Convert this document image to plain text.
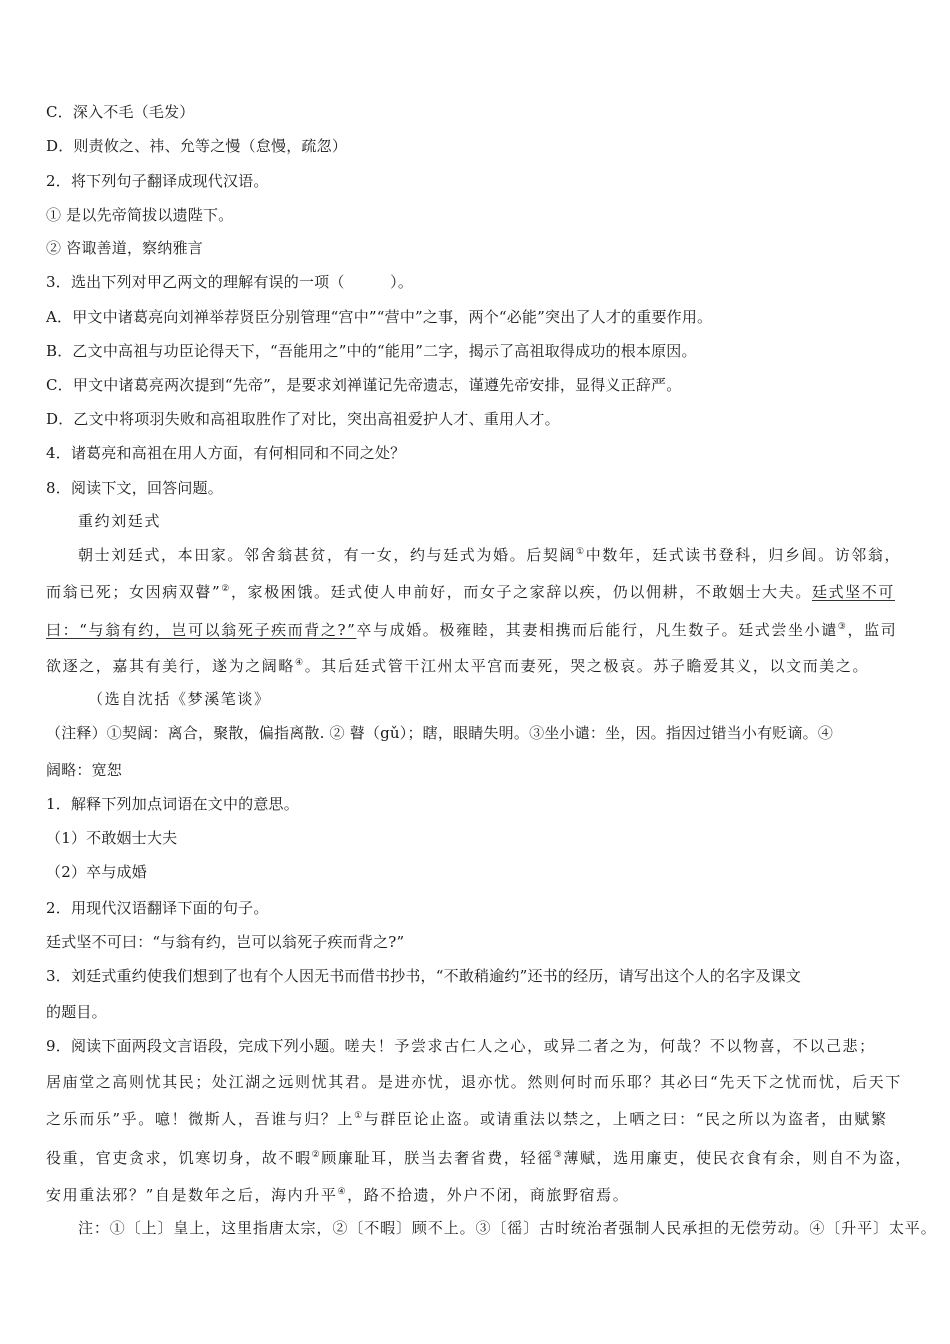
C．深入不毛（毛发）
D．则责攸之、祎、允等之慢（怠慢，疏忽）
2．将下列句子翻译成现代汉语。
① 是以先帝简拔以遗陛下。
② 咨诹善道，察纳雅言
3．选出下列对甲乙两文的理解有误的一项（　　　）。
A．甲文中诸葛亮向刘禅举荐贤臣分别管理“宫中”“营中”之事，两个“必能”突出了人才的重要作用。
B．乙文中高祖与功臣论得天下，“吾能用之”中的“能用”二字，揭示了高祖取得成功的根本原因。
C．甲文中诸葛亮两次提到“先帝”，是要求刘禅谨记先帝遗志，谨遵先帝安排，显得义正辞严。
D．乙文中将项羽失败和高祖取胜作了对比，突出高祖爱护人才、重用人才。
4．诸葛亮和高祖在用人方面，有何相同和不同之处？
8．阅读下文，回答问题。
重约刘廷式
朝士刘廷式，本田家。邻舍翁甚贫，有一女，约与廷式为婚。后契阔①中数年，廷式读书登科，归乡闾。访邻翁，
而翁已死；女因病双瞽”②，家极困饿。廷式使人申前好，而女子之家辞以疾，仍以佣耕，不敢姻士大夫。廷式坚不可
曰：“与翁有约，岂可以翁死子疾而背之?”卒与成婚。极雍睦，其妻相携而后能行，凡生数子。廷式尝坐小谴③，监司
欲逐之，嘉其有美行，遂为之阔略④。其后廷式管干江州太平宫而妻死，哭之极哀。苏子瞻爱其义，以文而美之。
（选自沈括《梦溪笔谈》
（注释）①契阔：离合，聚散，偏指离散. ② 瞽（gǔ）；瞎，眼睛失明。③坐小谴：坐，因。指因过错当小有贬谪。④
阔略：宽恕
1．解释下列加点词语在文中的意思。
（1）不敢姻士大夫
（2）卒与成婚
2．用现代汉语翻译下面的句子。
廷式坚不可曰：“与翁有约，岂可以翁死子疾而背之?”
3．刘廷式重约使我们想到了也有个人因无书而借书抄书，“不敢稍逾约”还书的经历，请写出这个人的名字及课文
的题目。
9．阅读下面两段文言语段，完成下列小题。嗟夫！予尝求古仁人之心，或异二者之为，何哉？不以物喜，不以己悲；
居庙堂之高则忧其民；处江湖之远则忧其君。是进亦忧，退亦忧。然则何时而乐耶？其必曰“先天下之忧而忧，后天下
之乐而乐”乎。噫！微斯人，吾谁与归？上①与群臣论止盗。或请重法以禁之，上哂之曰：“民之所以为盗者，由赋繁
役重，官吏贪求，饥寒切身，故不暇②顾廉耻耳，朕当去奢省费，轻徭③薄赋，选用廉吏，使民衣食有余，则自不为盗，
安用重法邪？”自是数年之后，海内升平④，路不拾遗，外户不闭，商旅野宿焉。
注：①〔上〕皇上，这里指唐太宗，②〔不暇〕顾不上。③〔徭〕古时统治者强制人民承担的无偿劳动。④〔升平〕太平。
